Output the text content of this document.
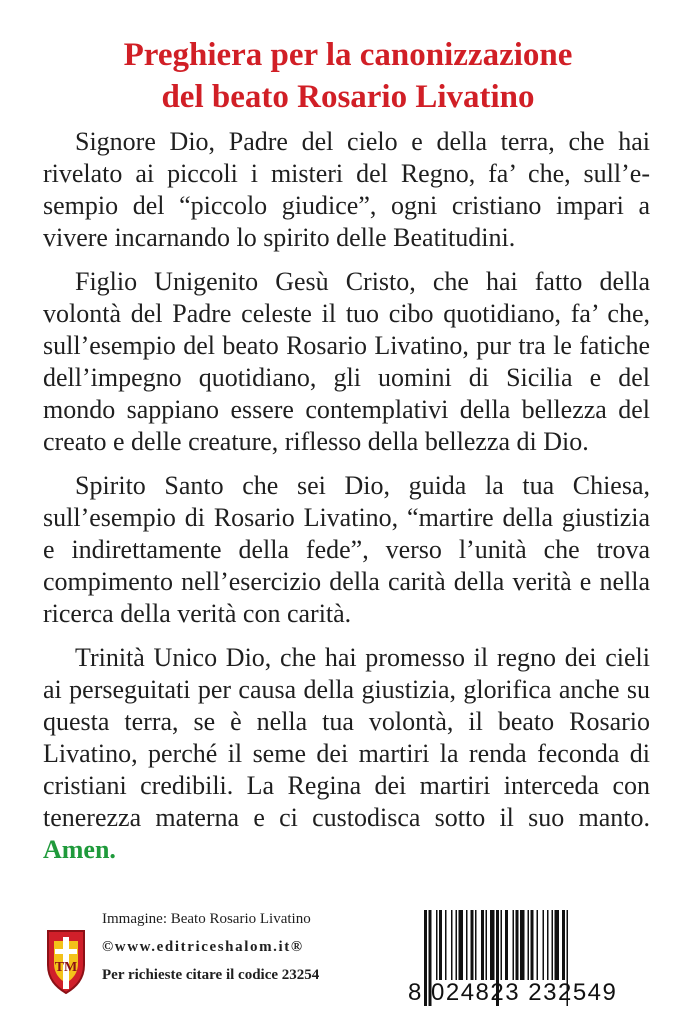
Preghiera per la canonizzazione
del beato Rosario Livatino

Signore Dio, Padre del cielo e della terra, che hai rivelato ai piccoli i misteri del Regno, fa’ che, sull’esempio del “piccolo giudice”, ogni cristiano impari a vivere incarnando lo spirito delle Beatitudini.

Figlio Unigenito Gesù Cristo, che hai fatto della volontà del Padre celeste il tuo cibo quotidiano, fa’ che, sull’esempio del beato Rosario Livatino, pur tra le fatiche dell’impegno quotidiano, gli uomini di Sicilia e del mondo sappiano essere contemplativi della bellezza del creato e delle creature, riflesso della bellezza di Dio.

Spirito Santo che sei Dio, guida la tua Chiesa, sull’esempio di Rosario Livatino, “martire della giustizia e indirettamente della fede”, verso l’unità che trova compimento nell’esercizio della carità della verità e nella ricerca della verità con carità.

Trinità Unico Dio, che hai promesso il regno dei cieli ai perseguitati per causa della giustizia, glorifica anche su questa terra, se è nella tua volontà, il beato Rosario Livatino, perché il seme dei martiri la renda feconda di cristiani credibili. La Regina dei martiri interceda con tenerezza materna e ci custodisca sotto il suo manto. Amen.

TM
Immagine: Beato Rosario Livatino
©www.editriceshalom.it®
Per richieste citare il codice 23254
8 024823 232549
